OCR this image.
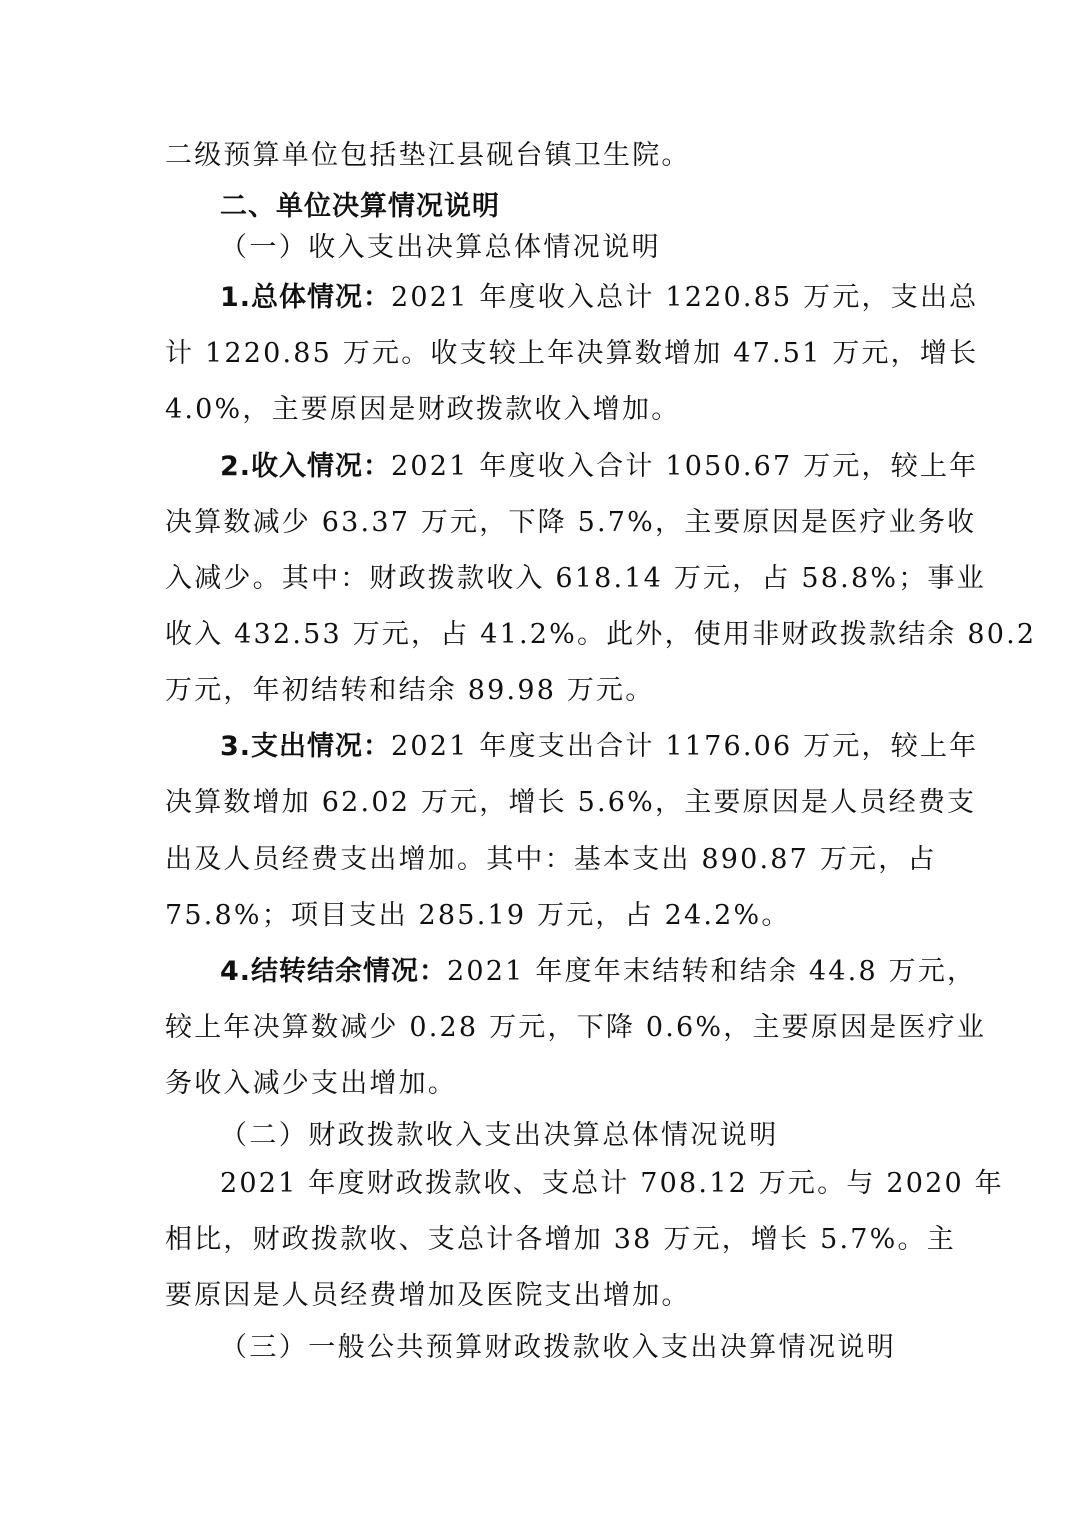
二级预算单位包括垫江县砚台镇卫生院。
二、单位决算情况说明
（一）收入支出决算总体情况说明
1.总体情况：2021 年度收入总计 1220.85 万元，支出总
计 1220.85 万元。收支较上年决算数增加 47.51 万元，增长
4.0%，主要原因是财政拨款收入增加。
2.收入情况：2021 年度收入合计 1050.67 万元，较上年
决算数减少 63.37 万元，下降 5.7%，主要原因是医疗业务收
入减少。其中：财政拨款收入 618.14 万元，占 58.8%；事业
收入 432.53 万元，占 41.2%。此外，使用非财政拨款结余 80.2
万元，年初结转和结余 89.98 万元。
3.支出情况：2021 年度支出合计 1176.06 万元，较上年
决算数增加 62.02 万元，增长 5.6%，主要原因是人员经费支
出及人员经费支出增加。其中：基本支出 890.87 万元，占
75.8%；项目支出 285.19 万元，占 24.2%。
4.结转结余情况：2021 年度年末结转和结余 44.8 万元，
较上年决算数减少 0.28 万元，下降 0.6%，主要原因是医疗业
务收入减少支出增加。
（二）财政拨款收入支出决算总体情况说明
2021 年度财政拨款收、支总计 708.12 万元。与 2020 年
相比，财政拨款收、支总计各增加 38 万元，增长 5.7%。主
要原因是人员经费增加及医院支出增加。
（三）一般公共预算财政拨款收入支出决算情况说明
